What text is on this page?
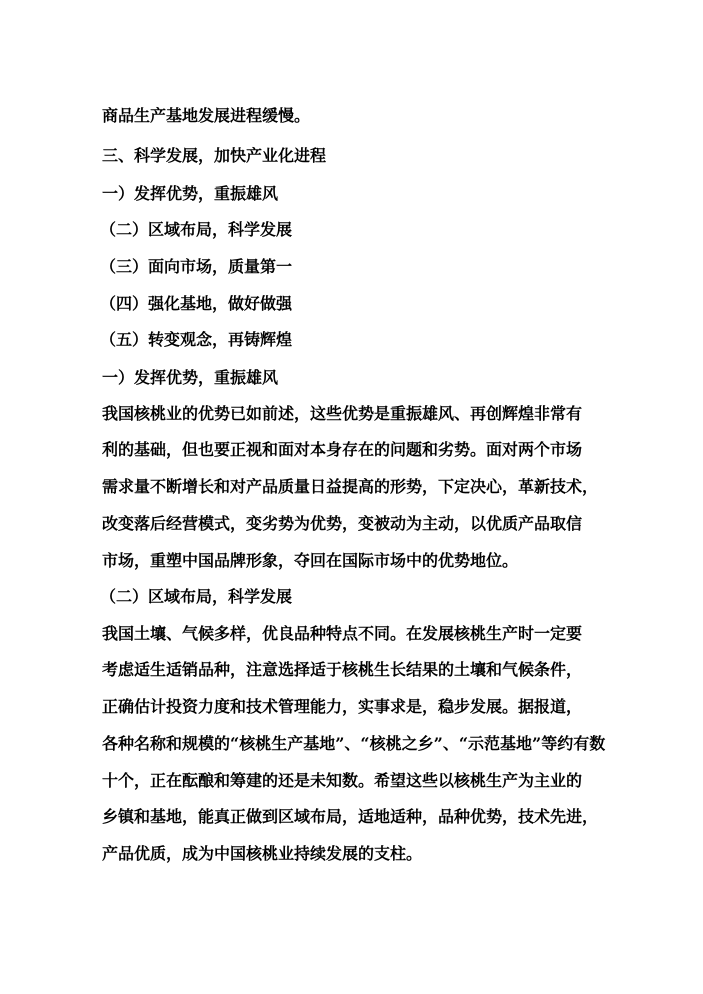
商品生产基地发展进程缓慢。
三、科学发展，加快产业化进程
一）发挥优势，重振雄风
（二）区域布局，科学发展
（三）面向市场，质量第一
（四）强化基地，做好做强
（五）转变观念，再铸辉煌
一）发挥优势，重振雄风
我国核桃业的优势已如前述，这些优势是重振雄风、再创辉煌非常有
利的基础，但也要正视和面对本身存在的问题和劣势。面对两个市场
需求量不断增长和对产品质量日益提高的形势，下定决心，革新技术，
改变落后经营模式，变劣势为优势，变被动为主动，以优质产品取信
市场，重塑中国品牌形象，夺回在国际市场中的优势地位。
（二）区域布局，科学发展
我国土壤、气候多样，优良品种特点不同。在发展核桃生产时一定要
考虑适生适销品种，注意选择适于核桃生长结果的土壤和气候条件，
正确估计投资力度和技术管理能力，实事求是，稳步发展。据报道，
各种名称和规模的“核桃生产基地”、“核桃之乡”、“示范基地”等约有数
十个，正在酝酿和筹建的还是未知数。希望这些以核桃生产为主业的
乡镇和基地，能真正做到区域布局，适地适种，品种优势，技术先进，
产品优质，成为中国核桃业持续发展的支柱。
